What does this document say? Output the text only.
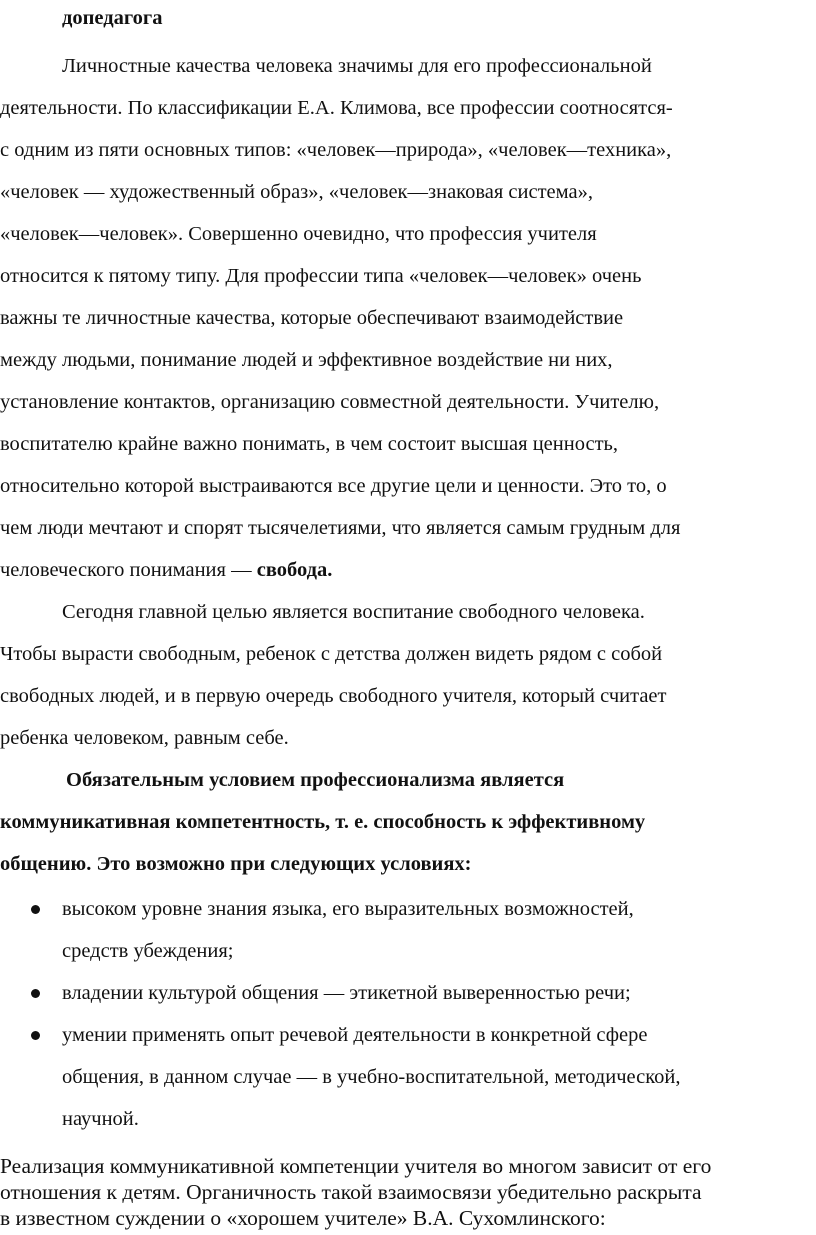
допедагога
Личностные качества человека значимы для его профессиональной
деятельности. По классификации Е.А. Климова, все профессии соотносятся-
с одним из пяти основных типов: «человек—природа», «человек—техника»,
«человек — художественный образ», «человек—знаковая система»,
«человек—человек». Совершенно очевидно, что профессия учителя
относится к пятому типу. Для профессии типа «человек—человек» очень
важны те личностные качества, которые обеспечивают взаимодействие
между людьми, понимание людей и эффективное воздействие ни них,
установление контактов, организацию совместной деятельности. Учителю,
воспитателю крайне важно понимать, в чем состоит высшая ценность,
относительно которой выстраиваются все другие цели и ценности. Это то, о
чем люди мечтают и спорят тысячелетиями, что является самым грудным для
человеческого понимания — свобода.
Сегодня главной целью является воспитание свободного человека.
Чтобы вырасти свободным, ребенок с детства должен видеть рядом с собой
свободных людей, и в первую очередь свободного учителя, который считает
ребенка человеком, равным себе.
Обязательным условием профессионализма является
коммуникативная компетентность, т. е. способность к эффективному
общению. Это возможно при следующих условиях:
высоком уровне знания языка, его выразительных возможностей,
средств убеждения;
владении культурой общения — этикетной выверенностью речи;
умении применять опыт речевой деятельности в конкретной сфере
общения, в данном случае — в учебно-воспитательной, методической,
научной.
Реализация коммуникативной компетенции учителя во многом зависит от его
отношения к детям. Органичность такой взаимосвязи убедительно раскрыта
в известном суждении о «хорошем учителе» В.А. Сухомлинского:
